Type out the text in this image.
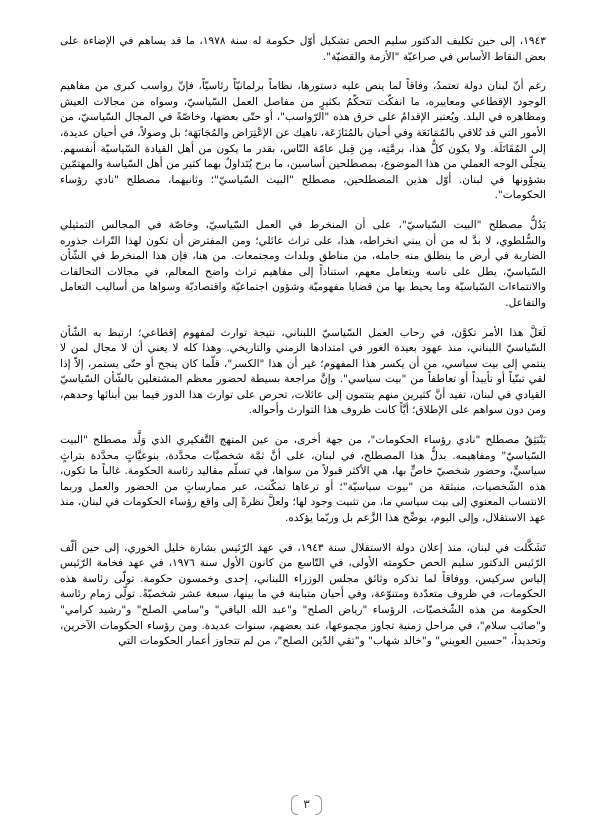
١٩٤٣، إلى حين تكليف الدكتور سليم الحص تشكيل أوّل حكومة له سنة ١٩٧٨، ما قد يساهم في الإضاءة على بعض النقاط الأساس في صراعيّة "الأزمة والقضيّة".

رغم أنّ لبنان دولة تعتمدُ، وفاقاً لما ينص عليه دستورها، نظاماً برلمانيّاً رئاسيّاً، فإنّ رواسب كبرى من مفاهيم الوجود الإقطاعي ومعاييره، ما انفكّت تتحكّمُ بكثيرٍ من مفاصل العمل السّياسيّ، وسواه من مجالات العيش ومظاهره في البلد. ويُعتبر الإقدامُ على خرق هذه "الرّواسب"، أو حتّى بعضها، وخاصّةً في المجال السّياسيّ، من الأمور التي قد تُلاقي بالمُمَانَعَة وفي أحيان بالمُنَازَعَة، ناهيك عن الإعْتِرَاض والمُجَابَهَة؛ بل وصولاً، في أحيان عديدة، إلى المُقَاتَلَة. ولا يكون كلُّ هذا، برمَّتِه، مِن قِبل عامّة النّاس، بقدر ما يكون من أهل القيادة السّياسيّة أنفسهم. يتجلّى الوجه العملي من هذا الموضوع، بمصطلحين أساسين، ما برح يُتَداولُ بهما كثير من أهل السّياسة والمهتمّين بشؤونها في لبنان. أوّل هذين المصطلحين، مصطلح "البيت السّياسيّ"؛ وثانيهما، مصطلح "نادي رؤساء الحكومات".

يَدُلُّ مصطلح "البيت السّياسيّ"، على أن المنخرط في العمل السّياسيّ، وخاصّة في المجالس التمثيلي والسُّلطوي، لا بدَّ له من أن يبني انخراطه، هذا، على تراث عائلي؛ ومن المفترض أن تكون لهذا التّراث جذوره الضاربة في أرض ما ينطلق منه حامله، من مناطق وبلدات ومجتمعات. من هنا، فإن هذا المنخرط في الشّأن السّياسيّ، يطل على ناسه ويتعامل معهم، استناداً إلى مفاهيم تراث واضح المعالم، في مجالات التحالفات والانتماءات السّياسيّة وما يحيط بها من قضايا مفهوميّة وشؤون اجتماعيّة واقتصاديّة وسواها من أساليب التعامل والتفاعل.

لَعَلَّ هذا الأمر تكوَّن، في رحاب العمل السّياسيّ اللبناني، نتيجة توارث لمفهوم إقطاعي؛ ارتبط به الشّأن السّياسيّ اللبناني، منذ عهود بعيدة الغور في امتدادها الزمني والتاريخي. وهذا كله لا يعني أن لا مجال لمن لا ينتمي إلى بيت سياسي، من أن يكسر هذا المفهوم؛ غير أن هذا "الكسر"، قلّما كان ينجح أو حتّى يستمر، إلاّ إذا لقي تبنّياً أو تأييداً أو تعاطفاً من "بيت سياسي". وإنَّ مراجعة بسيطة لحضور معظم المشتغلين بالشّأن السّياسيّ القيادي في لبنان، تفيد أنَّ كثيرين منهم ينتمون إلى عائلات، تحرص على توارث هذا الدور فيما بين أبنائها وحدهم، ومن دون سواهم على الإطلاق؛ أيَّاً كانت ظروف هذا التوارث وأحواله.

يَنْبَثِقُ مصطلح "نادي رؤساء الحكومات"، من جهة أخرى، من عين المنهج التَّفكيري الذي وَلَّد مصطلح "البيت السّياسيّ" ومفاهيمه. بدلُّ هذا المصطلح، في لبنان، على أنَّ ثمَّة شخصيَّات محدَّدة، بنوعيَّاتٍ محدَّدة بتراثٍ سياسيٍّ، وحضور شخصيّ خاصٍّ بها، هي الأكثر قبولاً من سواها، في تسلّم مقاليد رئاسة الحكومة. غالباً ما تكون، هذه الشّخصيات، منبثقة من "بيوت سياسيّة"؛ أو ترعاها تمكّنت، عبر ممارساتٍ من الحضور والعمل وربما الانتساب المعنوي إلى بيت سياسي ما، من تثبيت وجود لها؛ ولعلَّ نظرةً إلى واقع رؤساء الحكومات في لبنان، منذ عهد الاستقلال، وإلى اليوم، يوضِّح هذا الزَّعم بل وربّما يؤكده.

تَشَكَّلت في لبنان، منذ إعلان دولة الاستقلال سنة ١٩٤٣، في عهد الرّئيس بشارة خليل الخوري، إلى حين ألّف الرّئيس الدكتور سليم الحص حكومته الأولى، في التّاسع من كانون الأول سنة ١٩٧٦، في عهد فخامة الرّئيس إلياس سركيس، ووفاقاً لما تذكره وثائق مجلس الوزراء اللبناني، إحدى وخمسون حكومة. تولّى رئاسة هذه الحكومات، في ظروف متعدّدة ومتنوّعة، وفي أحيان متباينة في ما بينها، سبعة عشر شخصيّةً. تولّى زمام رئاسة الحكومة من هذه الشّخصيّات، الرؤساء "رياض الصلح" و"عبد الله اليافي" و"سامي الصلح" و"رشيد كرامي" و"صائب سلام"، في مراحل زمنية تجاوز مجموعها، عند بعضهم، سنوات عديدة. ومن رؤساء الحكومات الآخرين، وتحديداً، "حسين العويني" و"خالد شهاب" و"تقي الدّين الصلح"، من لم تتجاوز أعمار الحكومات التي

٣
